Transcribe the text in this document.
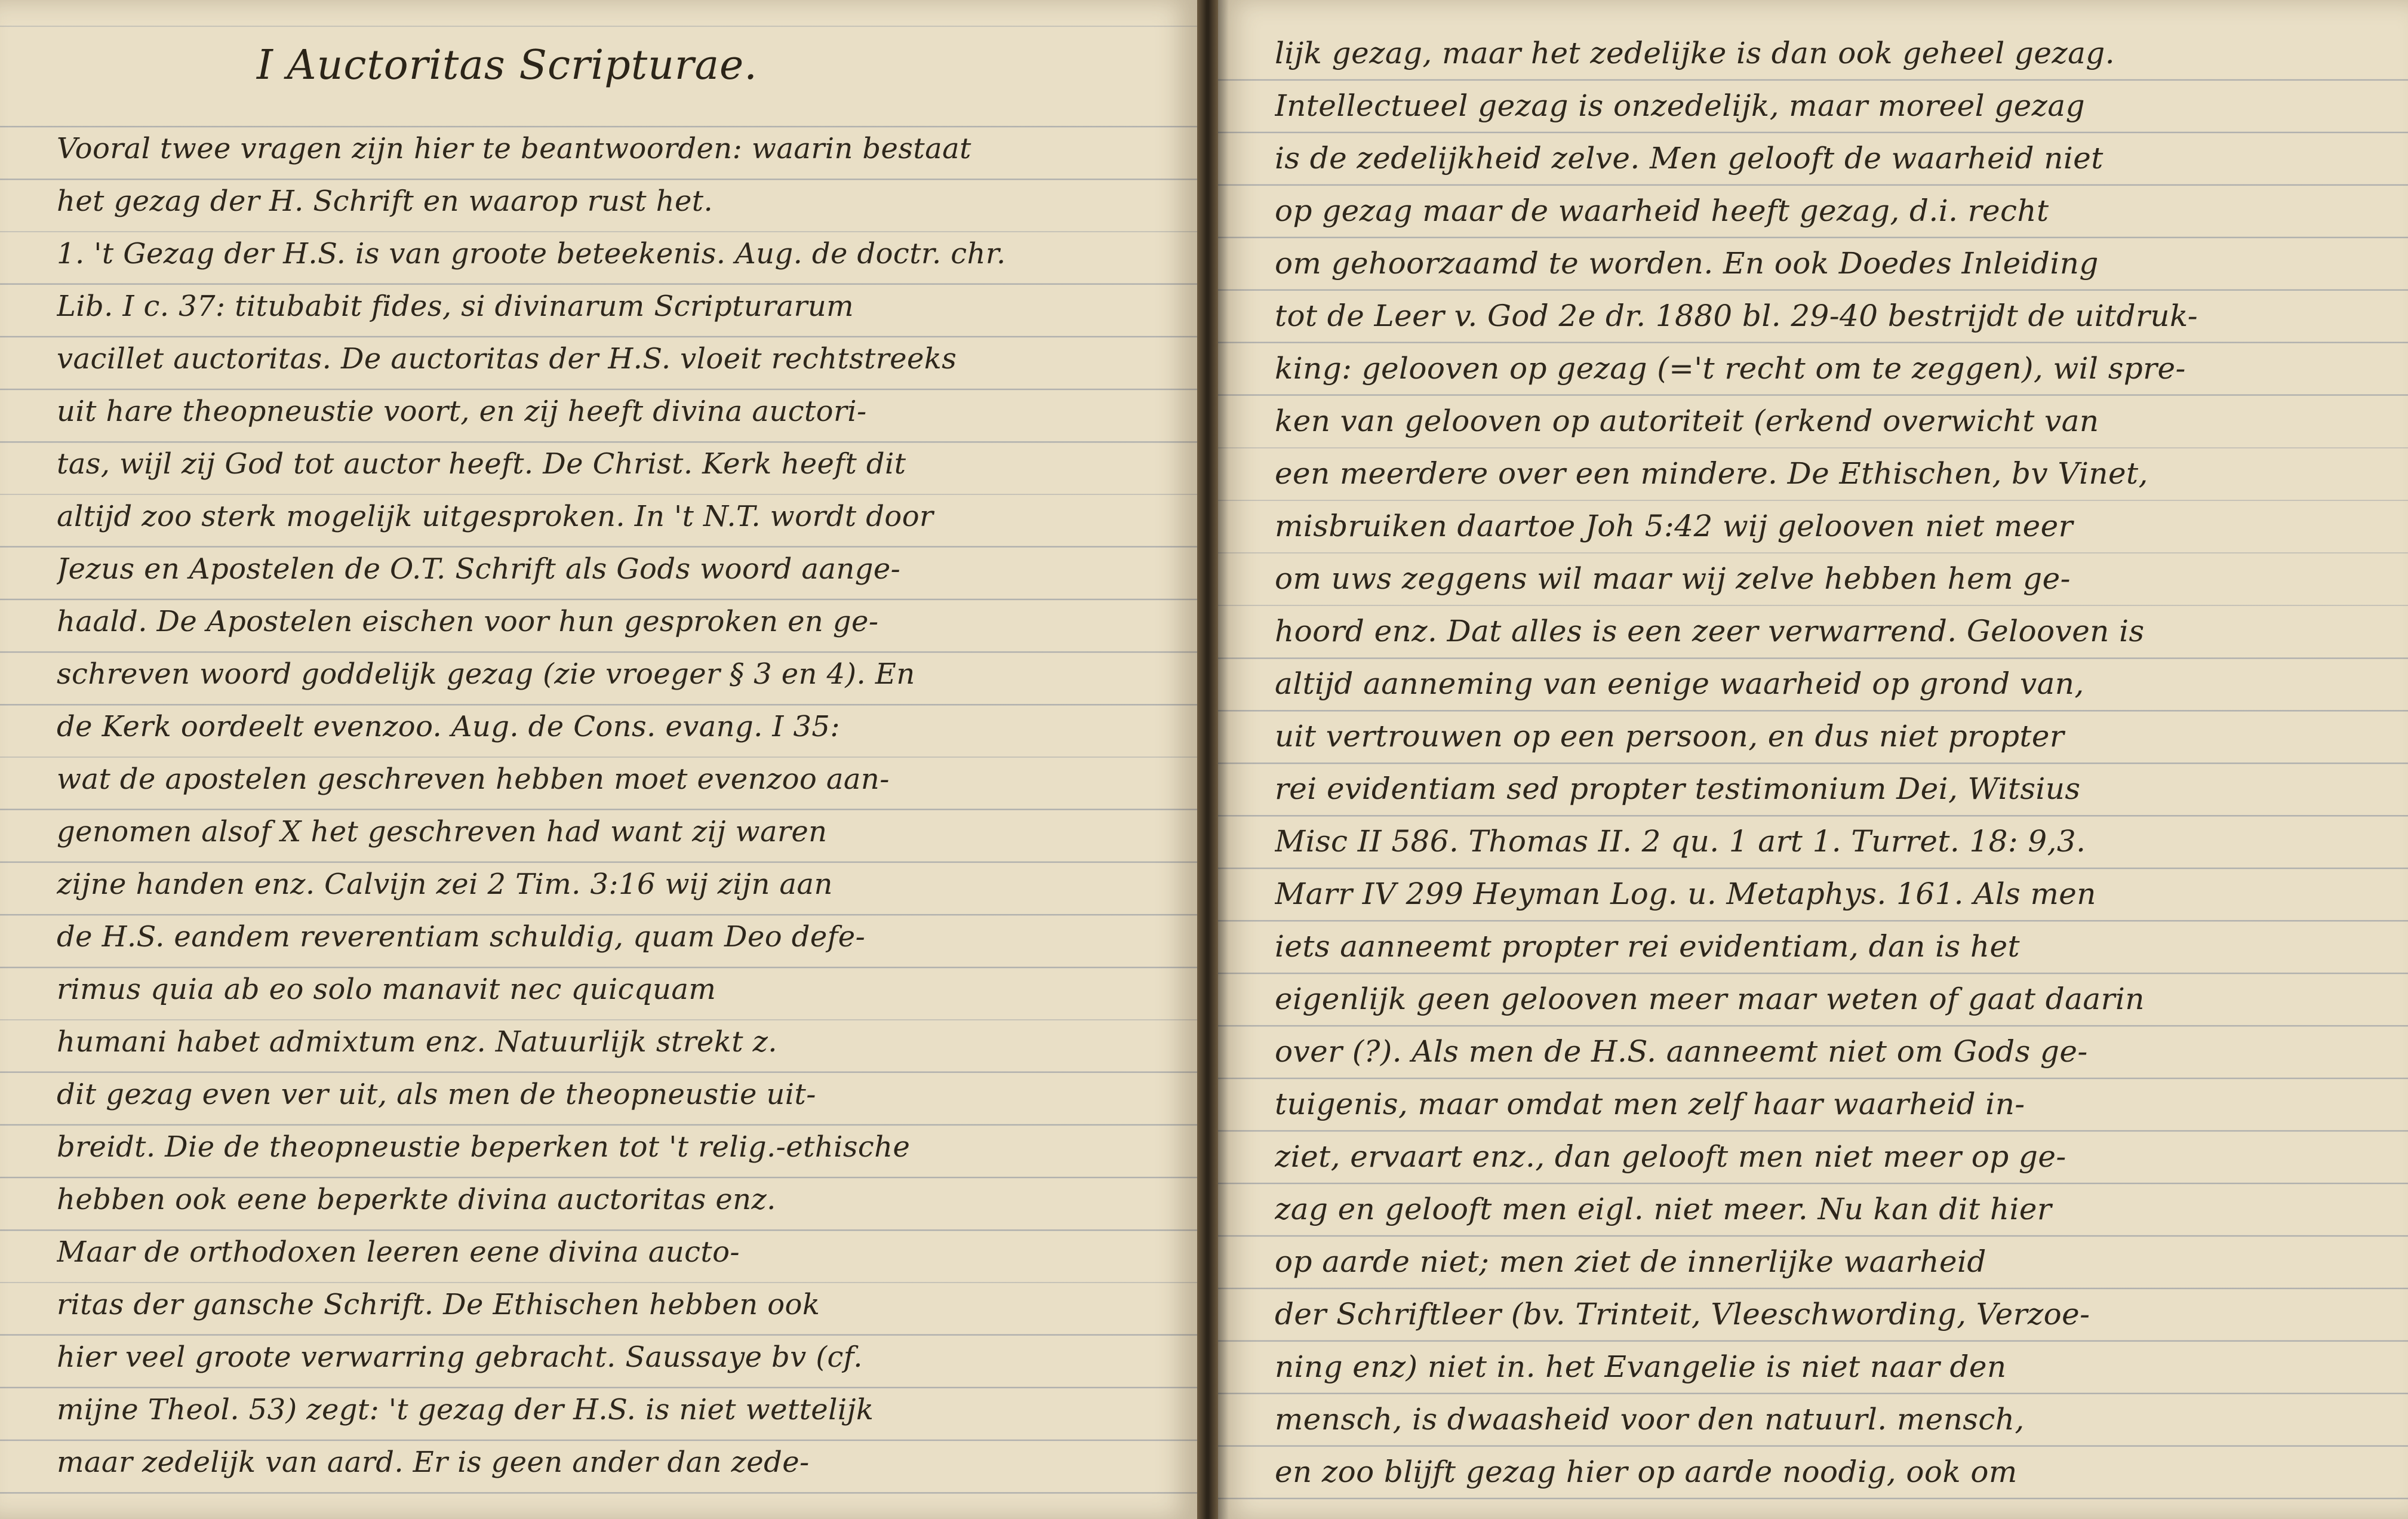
I Auctoritas Scripturae.
Vooral twee vragen zijn hier te beantwoorden: waarin bestaat
het gezag der H. Schrift en waarop rust het.
1. 't Gezag der H.S. is van groote beteekenis. Aug. de doctr. chr.
Lib. I c. 37: titubabit fides, si divinarum Scripturarum
vacillet auctoritas. De auctoritas der H.S. vloeit rechtstreeks
uit hare theopneustie voort, en zij heeft divina auctori-
tas, wijl zij God tot auctor heeft. De Christ. Kerk heeft dit
altijd zoo sterk mogelijk uitgesproken. In 't N.T. wordt door
Jezus en Apostelen de O.T. Schrift als Gods woord aange-
haald. De Apostelen eischen voor hun gesproken en ge-
schreven woord goddelijk gezag (zie vroeger § 3 en 4). En
de Kerk oordeelt evenzoo. Aug. de Cons. evang. I 35:
wat de apostelen geschreven hebben moet evenzoo aan-
genomen alsof X het geschreven had want zij waren
zijne handen enz. Calvijn zei 2 Tim. 3:16 wij zijn aan
de H.S. eandem reverentiam schuldig, quam Deo defe-
rimus quia ab eo solo manavit nec quicquam
humani habet admixtum enz. Natuurlijk strekt z.
dit gezag even ver uit, als men de theopneustie uit-
breidt. Die de theopneustie beperken tot 't relig.-ethische
hebben ook eene beperkte divina auctoritas enz.
Maar de orthodoxen leeren eene divina aucto-
ritas der gansche Schrift. De Ethischen hebben ook
hier veel groote verwarring gebracht. Saussaye bv (cf.
mijne Theol. 53) zegt: 't gezag der H.S. is niet wettelijk
maar zedelijk van aard. Er is geen ander dan zede-
lijk gezag, maar het zedelijke is dan ook geheel gezag.
Intellectueel gezag is onzedelijk, maar moreel gezag
is de zedelijkheid zelve. Men gelooft de waarheid niet
op gezag maar de waarheid heeft gezag, d.i. recht
om gehoorzaamd te worden. En ook Doedes Inleiding
tot de Leer v. God 2e dr. 1880 bl. 29-40 bestrijdt de uitdruk-
king: gelooven op gezag (='t recht om te zeggen), wil spre-
ken van gelooven op autoriteit (erkend overwicht van
een meerdere over een mindere. De Ethischen, bv Vinet,
misbruiken daartoe Joh 5:42 wij gelooven niet meer
om uws zeggens wil maar wij zelve hebben hem ge-
hoord enz. Dat alles is een zeer verwarrend. Gelooven is
altijd aanneming van eenige waarheid op grond van,
uit vertrouwen op een persoon, en dus niet propter
rei evidentiam sed propter testimonium Dei, Witsius
Misc II 586. Thomas II. 2 qu. 1 art 1. Turret. 18: 9,3.
Marr IV 299 Heyman Log. u. Metaphys. 161. Als men
iets aanneemt propter rei evidentiam, dan is het
eigenlijk geen gelooven meer maar weten of gaat daarin
over (?). Als men de H.S. aanneemt niet om Gods ge-
tuigenis, maar omdat men zelf haar waarheid in-
ziet, ervaart enz., dan gelooft men niet meer op ge-
zag en gelooft men eigl. niet meer. Nu kan dit hier
op aarde niet; men ziet de innerlijke waarheid
der Schriftleer (bv. Trinteit, Vleeschwording, Verzoe-
ning enz) niet in. het Evangelie is niet naar den
mensch, is dwaasheid voor den natuurl. mensch,
en zoo blijft gezag hier op aarde noodig, ook om
